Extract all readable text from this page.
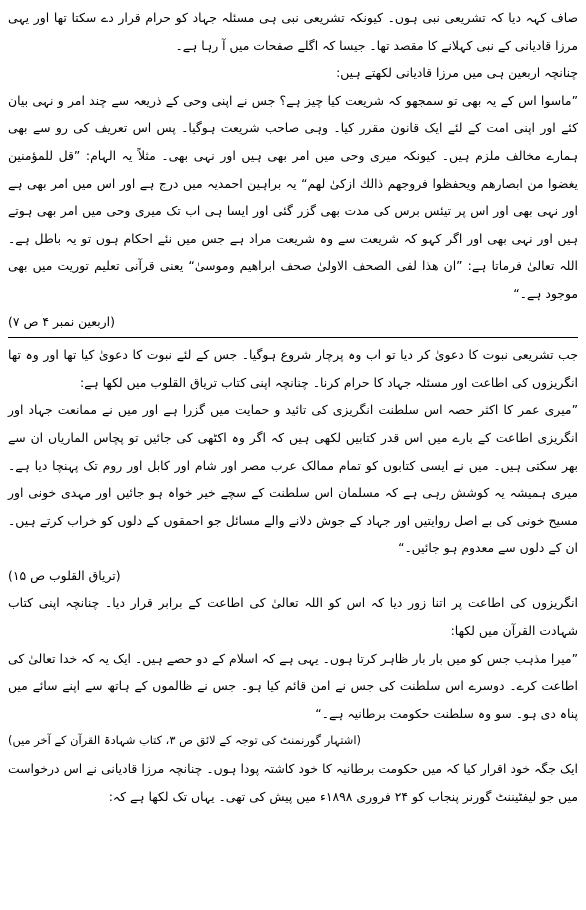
صاف کہہ دیا کہ تشریعی نبی ہوں۔ کیونکہ تشریعی نبی ہی مسئلہ جہاد کو حرام قرار دے سکتا تھا اور یہی مرزا قادیانی کے نبی کہلانے کا مقصد تھا۔ جیسا کہ اگلے صفحات میں آ رہا ہے۔

چنانچہ اربعین ہی میں مرزا قادیانی لکھتے ہیں:

”ماسوا اس کے یہ بھی تو سمجھو کہ شریعت کیا چیز ہے؟ جس نے اپنی وحی کے ذریعہ سے چند امر و نہی بیان کئے اور اپنی امت کے لئے ایک قانون مقرر کیا۔ وہی صاحب شریعت ہوگیا۔ پس اس تعریف کی رو سے بھی ہمارے مخالف ملزم ہیں۔ کیونکہ میری وحی میں امر بھی ہیں اور نہی بھی۔ مثلاً یہ الہام: ”قل للمؤمنین یغضوا من ابصارهم ویحفظوا فروجهم ذالك ازكىٰ لهم“ یہ براہین احمدیہ میں درج ہے اور اس میں امر بھی ہے اور نہی بھی اور اس پر تیئس برس کی مدت بھی گزر گئی اور ایسا ہی اب تک میری وحی میں امر بھی ہوتے ہیں اور نہی بھی اور اگر کہو کہ شریعت سے وہ شریعت مراد ہے جس میں نئے احکام ہوں تو یہ باطل ہے۔ اللہ تعالیٰ فرماتا ہے: ”ان هذا لفی الصحف الاولىٰ صحف ابراهیم وموسیٰ“ یعنی قرآنی تعلیم توریت میں بھی موجود ہے۔“

(اربعین نمبر ۴ ص ۷)

جب تشریعی نبوت کا دعویٰ کر دیا تو اب وہ پرچار شروع ہوگیا۔ جس کے لئے نبوت کا دعویٰ کیا تھا اور وہ تھا انگریزوں کی اطاعت اور مسئلہ جہاد کا حرام کرنا۔ چنانچہ اپنی کتاب تریاق القلوب میں لکھا ہے:

”میری عمر کا اکثر حصہ اس سلطنت انگریزی کی تائید و حمایت میں گزرا ہے اور میں نے ممانعت جہاد اور انگریزی اطاعت کے بارے میں اس قدر کتابیں لکھی ہیں کہ اگر وہ اکٹھی کی جائیں تو پچاس الماریاں ان سے بھر سکتی ہیں۔ میں نے ایسی کتابوں کو تمام ممالک عرب مصر اور شام اور کابل اور روم تک پہنچا دیا ہے۔ میری ہمیشہ یہ کوشش رہی ہے کہ مسلمان اس سلطنت کے سچے خیر خواہ ہو جائیں اور مہدی خونی اور مسیح خونی کی بے اصل روایتیں اور جہاد کے جوش دلانے والے مسائل جو احمقوں کے دلوں کو خراب کرتے ہیں۔ ان کے دلوں سے معدوم ہو جائیں۔“

(تریاق القلوب ص ۱۵)

انگریزوں کی اطاعت پر اتنا زور دیا کہ اس کو اللہ تعالیٰ کی اطاعت کے برابر قرار دیا۔ چنانچہ اپنی کتاب شہادت القرآن میں لکھا:

”میرا مذہب جس کو میں بار بار ظاہر کرتا ہوں۔ یہی ہے کہ اسلام کے دو حصے ہیں۔ ایک یہ کہ خدا تعالیٰ کی اطاعت کرے۔ دوسرے اس سلطنت کی جس نے امن قائم کیا ہو۔ جس نے ظالموں کے ہاتھ سے اپنے سائے میں پناہ دی ہو۔ سو وہ سلطنت حکومت برطانیہ ہے۔“

(اشتہار گورنمنٹ کی توجہ کے لائق ص ۳، کتاب شہادۃ القرآن کے آخر میں)

ایک جگہ خود اقرار کیا کہ میں حکومت برطانیہ کا خود کاشتہ پودا ہوں۔ چنانچہ مرزا قادیانی نے اس درخواست میں جو لیفٹیننٹ گورنر پنجاب کو ۲۴ فروری ۱۸۹۸ء میں پیش کی تھی۔ یہاں تک لکھا ہے کہ:
